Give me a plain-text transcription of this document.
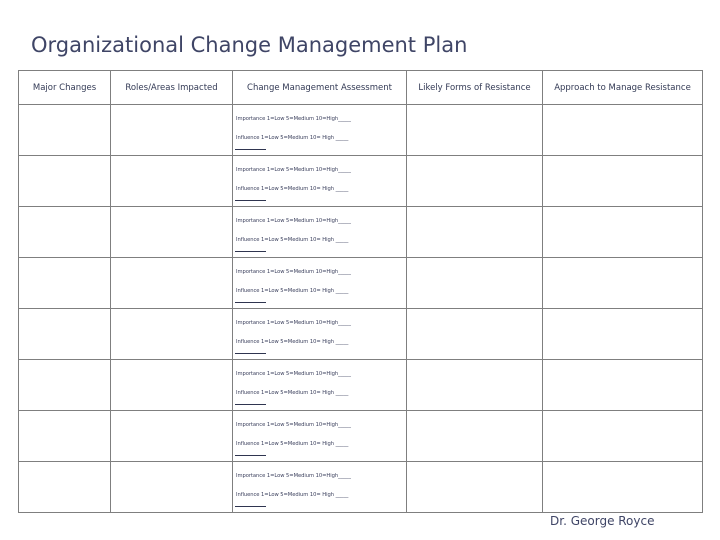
Organizational Change Management Plan
Major Changes	Roles/Areas Impacted	Change Management Assessment	Likely Forms of Resistance	Approach to Manage Resistance

		Importance 1=Low 5=Medium 10=High_____
Influence 1=Low 5=Medium 10= High _____		

		Importance 1=Low 5=Medium 10=High_____
Influence 1=Low 5=Medium 10= High _____		

		Importance 1=Low 5=Medium 10=High_____
Influence 1=Low 5=Medium 10= High _____		

		Importance 1=Low 5=Medium 10=High_____
Influence 1=Low 5=Medium 10= High _____		

		Importance 1=Low 5=Medium 10=High_____
Influence 1=Low 5=Medium 10= High _____		

		Importance 1=Low 5=Medium 10=High_____
Influence 1=Low 5=Medium 10= High _____		

		Importance 1=Low 5=Medium 10=High_____
Influence 1=Low 5=Medium 10= High _____		

		Importance 1=Low 5=Medium 10=High_____
Influence 1=Low 5=Medium 10= High _____		

Dr. George Royce
